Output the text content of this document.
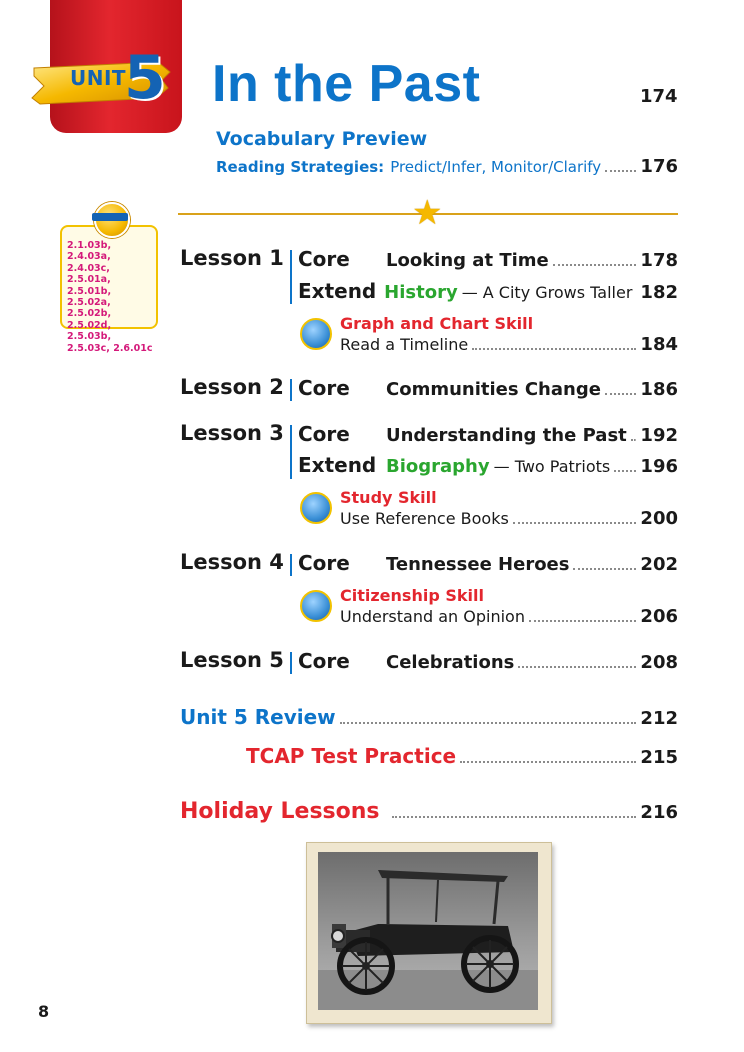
UNIT
5 In the Past	174
Vocabulary Preview
Reading Strategies: Predict/Infer, Monitor/Clarify 176
★
2.1.03b, 2.4.03a, 2.4.03c, 2.5.01a, 2.5.01b, 2.5.02a, 2.5.02b, 2.5.02d, 2.5.03b, 2.5.03c, 2.6.01c
Lesson 1 Core	Looking at Time	178
Extend History — A City Grows Taller 182
Graph and Chart Skill
Read a Timeline	184
Lesson 2 Core	Communities Change 186
Lesson 3 Core	Understanding the Past 192
Extend Biography — Two Patriots 196
Study Skill
Use Reference Books	200
Lesson 4 Core	Tennessee Heroes	202
Citizenship Skill
Understand an Opinion	206
Lesson 5 Core	Celebrations	208
Unit 5 Review	212
TCAP Test Practice	215
Holiday Lessons	216
8
